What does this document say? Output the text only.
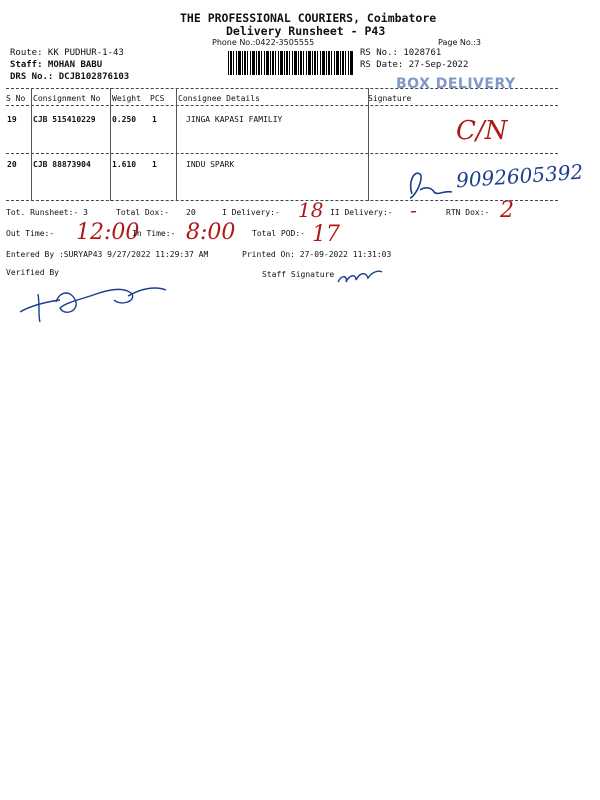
THE PROFESSIONAL COURIERS, Coimbatore
Delivery Runsheet - P43
Phone No.:0422-3505555	Page No.:3
Route: KK PUDHUR-1-43
Staff: MOHAN BABU
DRS No.: DCJB102876103
RS No.: 1028761
RS Date: 27-Sep-2022
BOX DELIVERY
S No Consignment No Weight PCS Consignee Details	Signature
19 CJB 515410229 0.250 1	JINGA KAPASI FAMILIY	C/N
20 CJB 88873904	1.610 1	INDU SPARK	9092605392
Tot. Runsheet:- 3	Total Dox:- 20	I Delivery:- 18 II Delivery:- -	RTN Dox:- 2
Out Time:- 12:00
In Time:- 8:00 Total POD:- 17
Entered By :SURYAP43 9/27/2022 11:29:37 AM	Printed On: 27-09-2022 11:31:03
Verified By	Staff Signature
